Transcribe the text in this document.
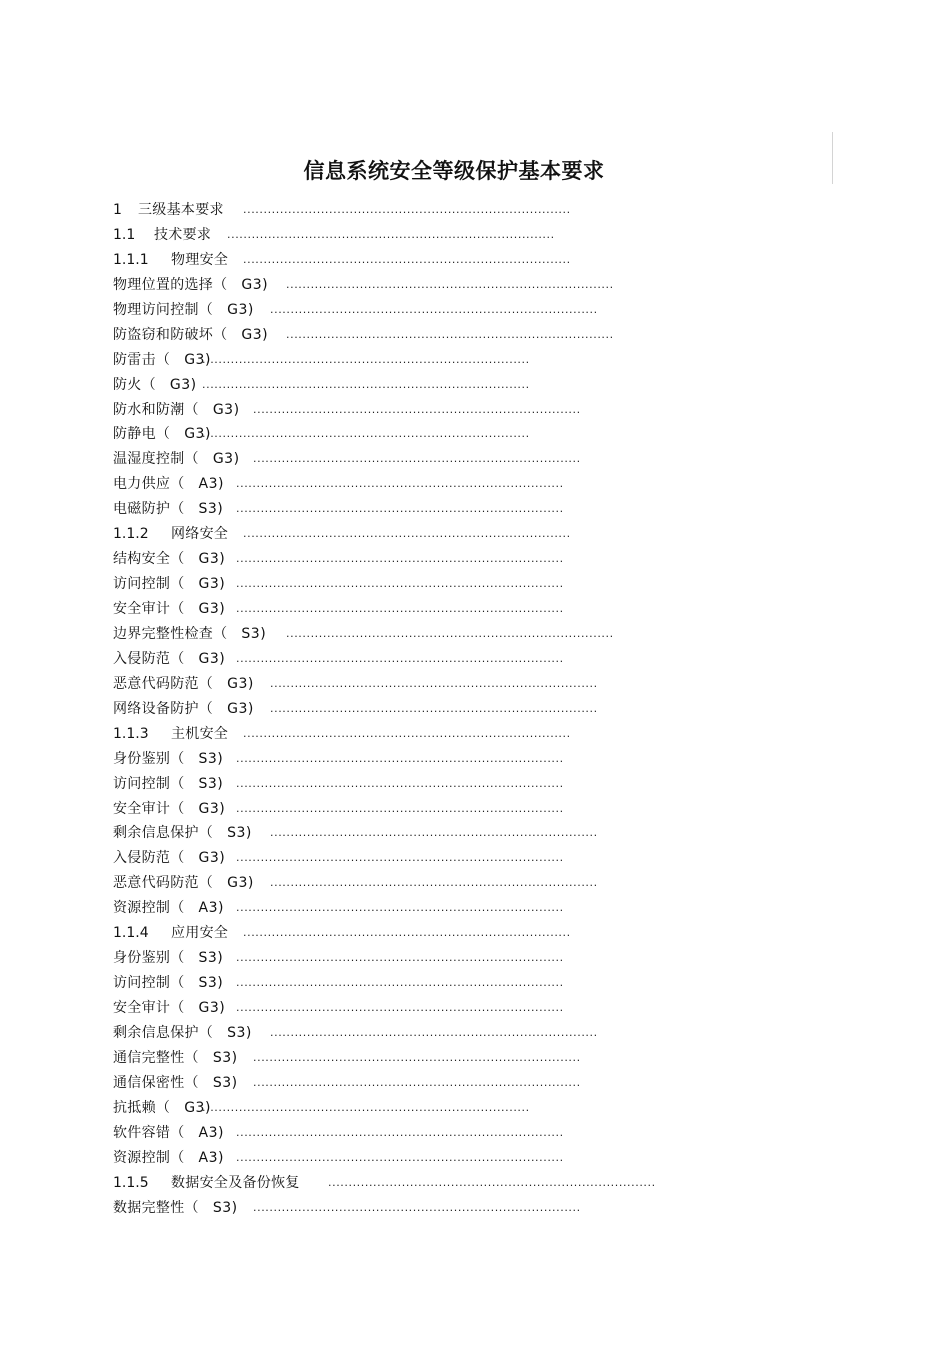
信息系统安全等级保护基本要求
1 三级基本要求 ................................................................................
1.1 技术要求 ................................................................................
1.1.1 物理安全 ................................................................................
物理位置的选择（ G3) ................................................................................
物理访问控制（ G3) ................................................................................
防盗窃和防破坏（ G3) ................................................................................
防雷击（ G3)
................................................................................
防火（ G3) ................................................................................
防水和防潮（ G3) ................................................................................
防静电（ G3)
................................................................................
温湿度控制（ G3) ................................................................................
电力供应（ A3) ................................................................................
电磁防护（ S3) ................................................................................
1.1.2 网络安全 ................................................................................
结构安全（ G3) ................................................................................
访问控制（ G3) ................................................................................
安全审计（ G3) ................................................................................
边界完整性检查（ S3) ................................................................................
入侵防范（ G3) ................................................................................
恶意代码防范（ G3) ................................................................................
网络设备防护（ G3) ................................................................................
1.1.3 主机安全 ................................................................................
身份鉴别（ S3) ................................................................................
访问控制（ S3) ................................................................................
安全审计（ G3) ................................................................................
剩余信息保护（ S3) ................................................................................
入侵防范（ G3) ................................................................................
恶意代码防范（ G3) ................................................................................
资源控制（ A3) ................................................................................
1.1.4 应用安全 ................................................................................
身份鉴别（ S3) ................................................................................
访问控制（ S3) ................................................................................
安全审计（ G3) ................................................................................
剩余信息保护（ S3) ................................................................................
通信完整性（ S3) ................................................................................
通信保密性（ S3) ................................................................................
抗抵赖（ G3)
................................................................................
软件容错（ A3) ................................................................................
资源控制（ A3) ................................................................................
1.1.5 数据安全及备份恢复	................................................................................
数据完整性（ S3) ................................................................................
